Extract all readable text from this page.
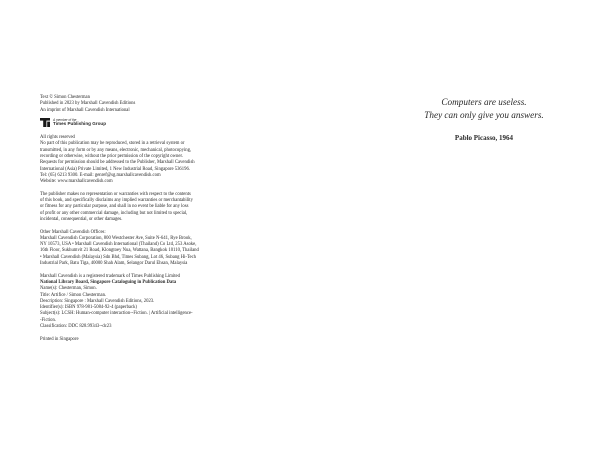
Text © Simon Chesterman

Published in 2023 by Marshall Cavendish Editions

An imprint of Marshall Cavendish International

A member of the
Times Publishing Group

All rights reserved

No part of this publication may be reproduced, stored in a retrieval system or

transmitted, in any form or by any means, electronic, mechanical, photocopying,

recording or otherwise, without the prior permission of the copyright owner.

Requests for permission should be addressed to the Publisher, Marshall Cavendish

International (Asia) Private Limited, 1 New Industrial Road, Singapore 536196.

Tel: (65) 6213 9300. E-mail: genref@sg.marshallcavendish.com

Website: www.marshallcavendish.com

The publisher makes no representation or warranties with respect to the contents

of this book, and specifically disclaims any implied warranties or merchantability

or fitness for any particular purpose, and shall in no event be liable for any loss

of profit or any other commercial damage, including but not limited to special,

incidental, consequential, or other damages.

Other Marshall Cavendish Offices:

Marshall Cavendish Corporation, 800 Westchester Ave, Suite N-641, Rye Brook,

NY 10573, USA • Marshall Cavendish International (Thailand) Co Ltd, 253 Asoke,

16th Floor, Sukhumvit 21 Road, Klongtoey Nua, Wattana, Bangkok 10110, Thailand

• Marshall Cavendish (Malaysia) Sdn Bhd, Times Subang, Lot 46, Subang Hi-Tech

Industrial Park, Batu Tiga, 40000 Shah Alam, Selangor Darul Ehsan, Malaysia

Marshall Cavendish is a registered trademark of Times Publishing Limited

National Library Board, Singapore Cataloguing in Publication Data

Name(s): Chesterman, Simon.

Title: Artifice / Simon Chesterman.

Description: Singapore : Marshall Cavendish Editions, 2023.

Identifier(s): ISBN 978-981-5084-92-4 (paperback)

Subject(s): LCSH: Human-computer interaction--Fiction. | Artificial intelligence-

-Fiction.

Classification: DDC 828.99343--dc23

Printed in Singapore

Computers are useless.
They can only give you answers.
Pablo Picasso, 1964
